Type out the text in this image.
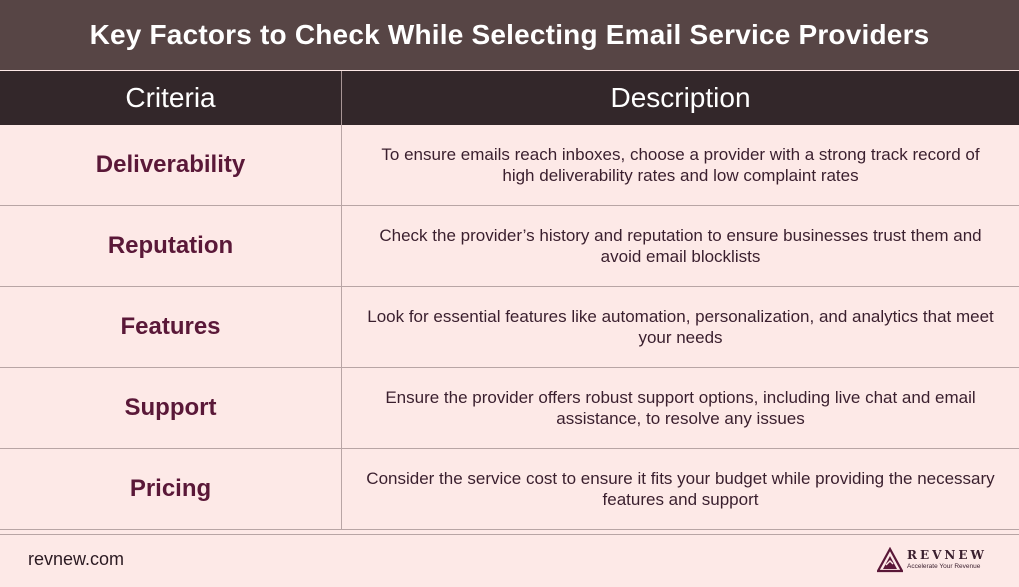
Key Factors to Check While Selecting Email Service Providers
Criteria	Description
Deliverability	To ensure emails reach inboxes, choose a provider with a strong track record of high deliverability rates and low complaint rates
Reputation	Check the provider’s history and reputation to ensure businesses trust them and avoid email blocklists
Features	Look for essential features like automation, personalization, and analytics that meet your needs
Support	Ensure the provider offers robust support options, including live chat and email assistance, to resolve any issues
Pricing	Consider the service cost to ensure it fits your budget while providing the necessary features and support
revnew.com	REVNEW
Accelerate Your Revenue
